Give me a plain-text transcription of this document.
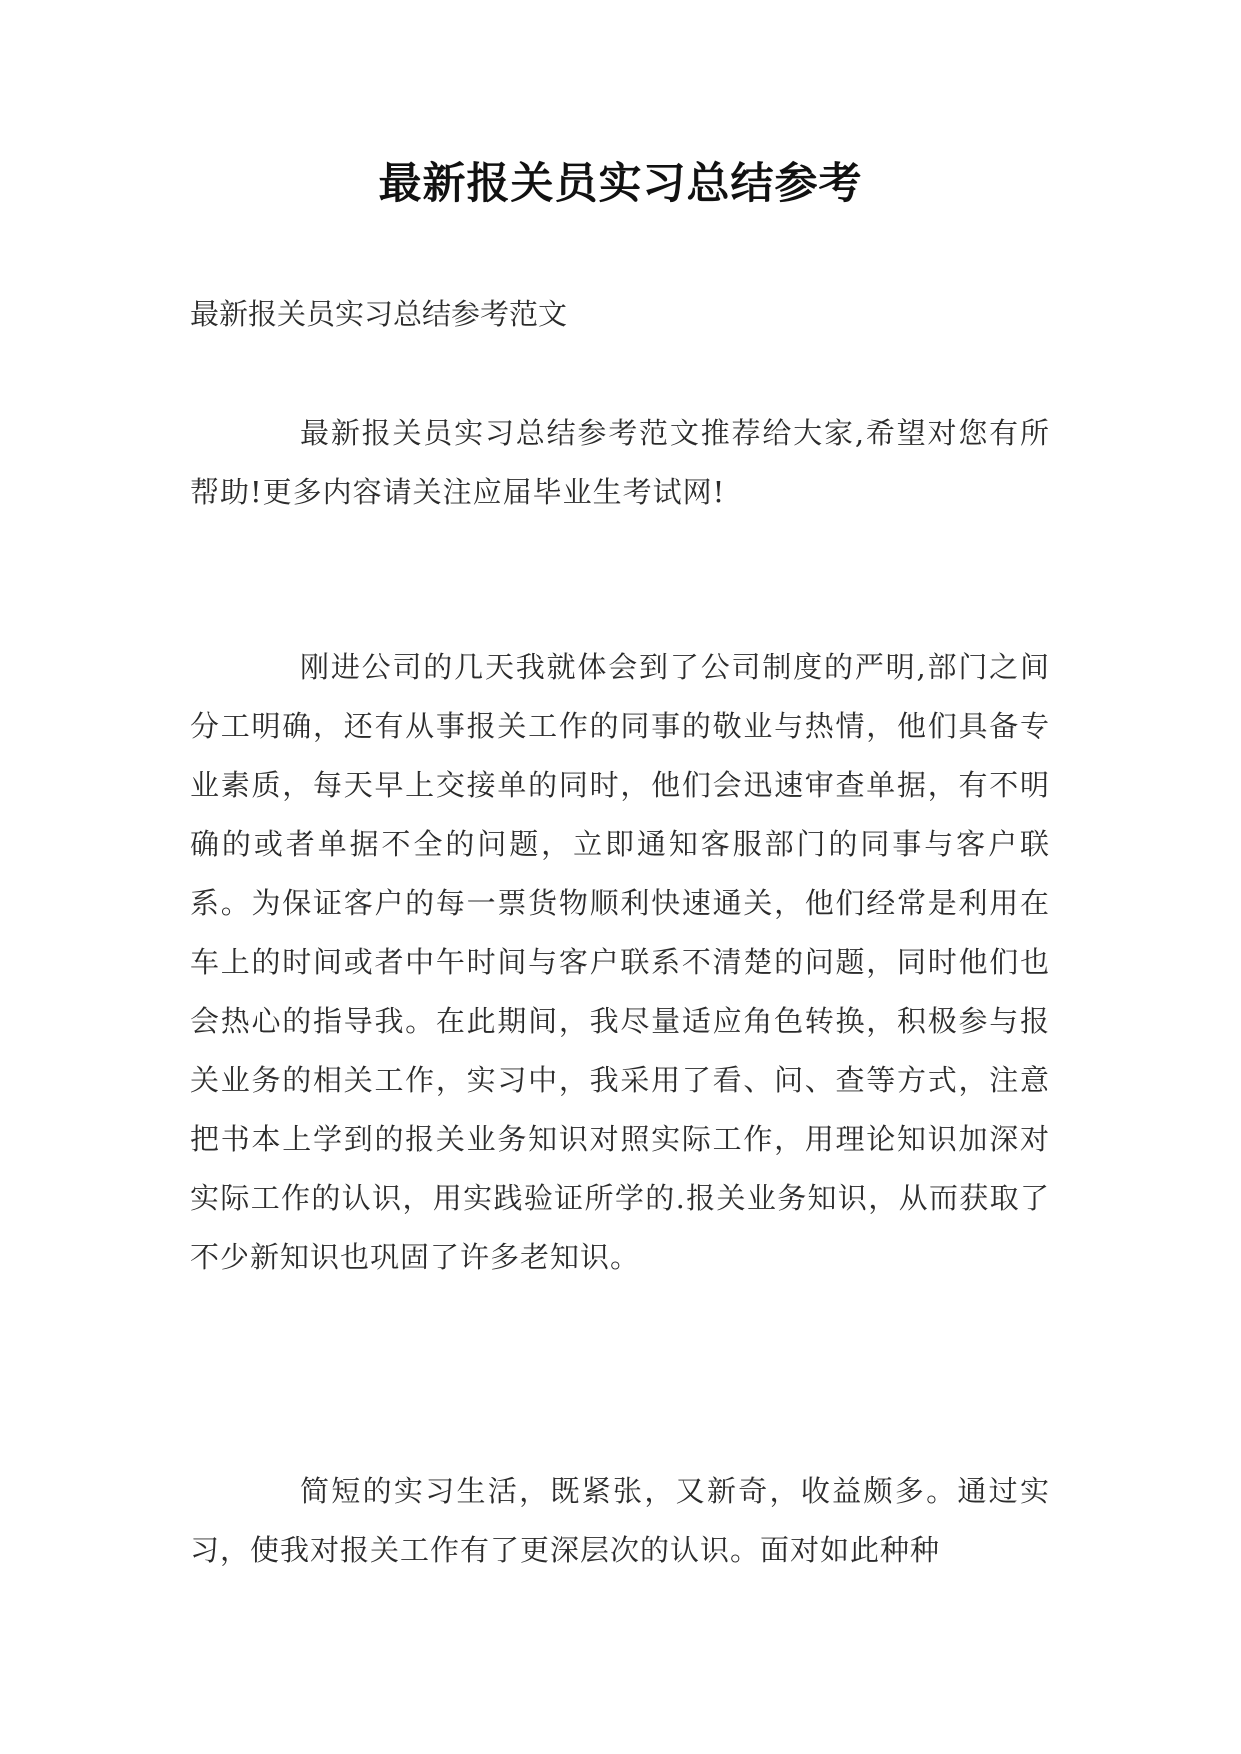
最新报关员实习总结参考

最新报关员实习总结参考范文

最新报关员实习总结参考范文推荐给大家,希望对您有所帮助!更多内容请关注应届毕业生考试网!

刚进公司的几天我就体会到了公司制度的严明,部门之间分工明确，还有从事报关工作的同事的敬业与热情，他们具备专业素质，每天早上交接单的同时，他们会迅速审查单据，有不明确的或者单据不全的问题，立即通知客服部门的同事与客户联系。为保证客户的每一票货物顺利快速通关，他们经常是利用在车上的时间或者中午时间与客户联系不清楚的问题，同时他们也会热心的指导我。在此期间，我尽量适应角色转换，积极参与报关业务的相关工作，实习中，我采用了看、问、查等方式，注意把书本上学到的报关业务知识对照实际工作，用理论知识加深对实际工作的认识，用实践验证所学的.报关业务知识，从而获取了不少新知识也巩固了许多老知识。

简短的实习生活，既紧张，又新奇，收益颇多。通过实习，使我对报关工作有了更深层次的认识。面对如此种种
